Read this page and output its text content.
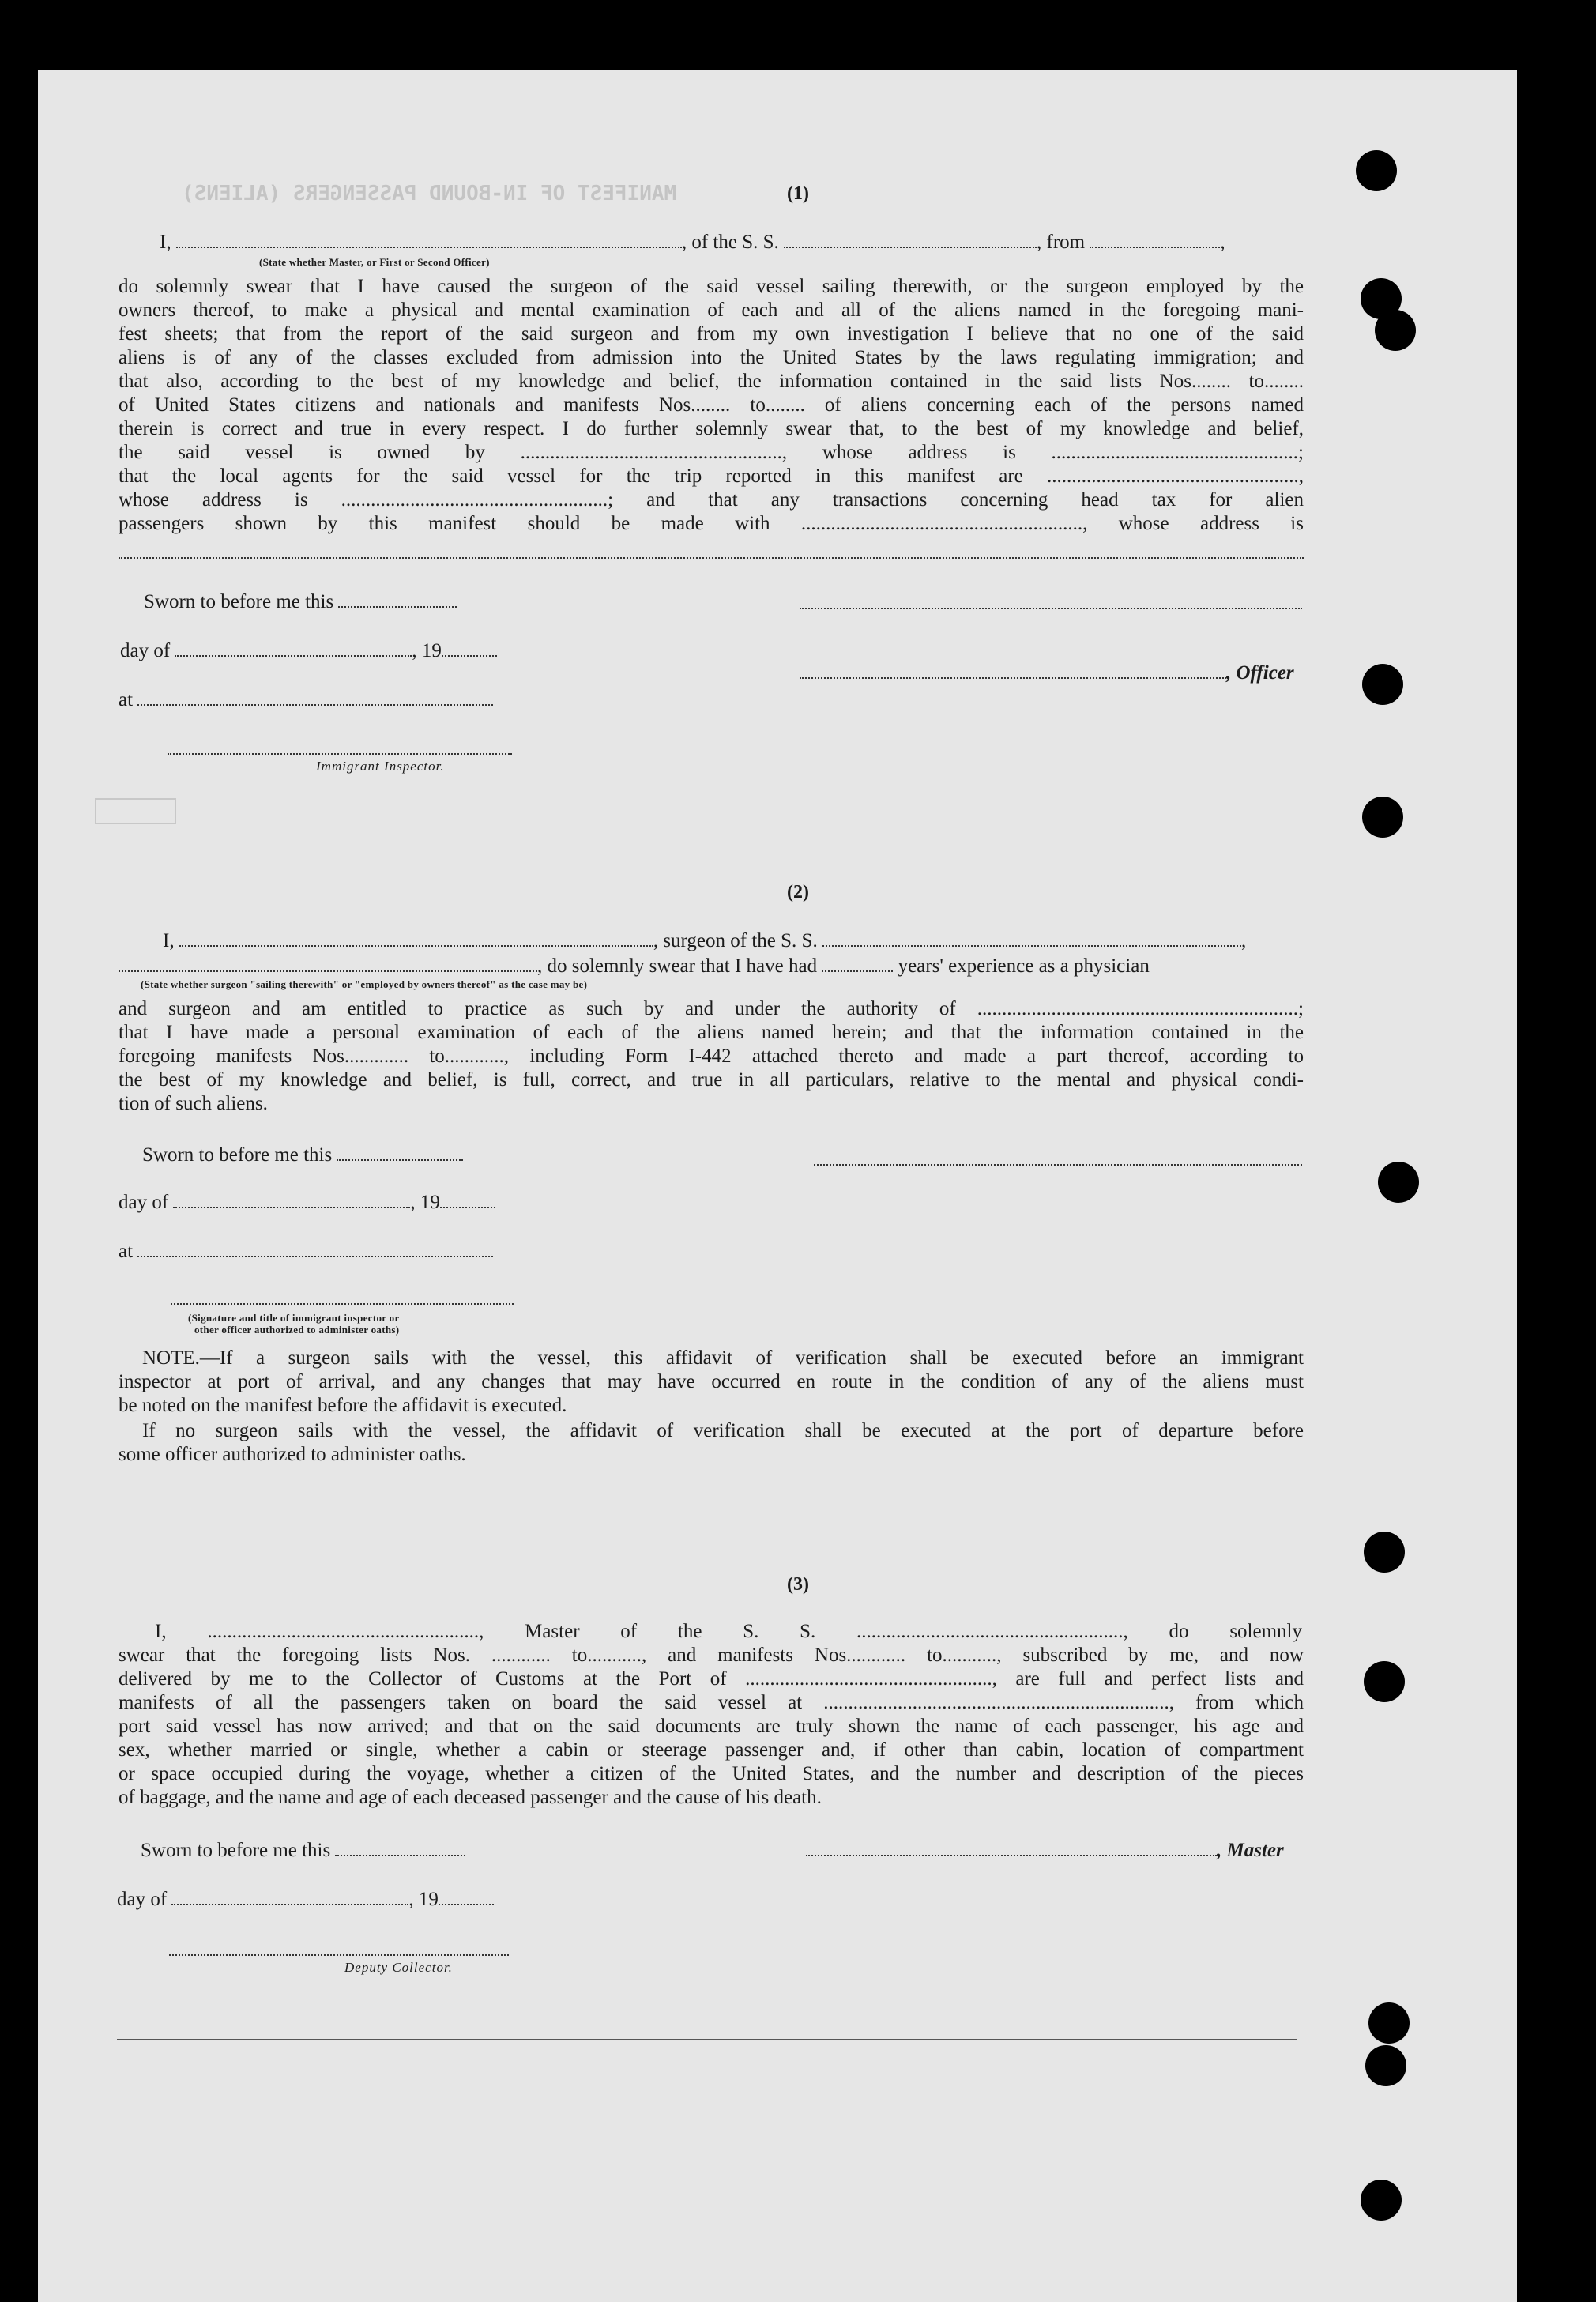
MANIFEST OF IN-BOUND PASSENGERS (ALIENS)
	(1)

I,	, of the S. S.	, from	,

(State whether Master, or First or Second Officer)

do solemnly swear that I have caused the surgeon of the said vessel sailing therewith, or the surgeon employed by the

owners thereof, to make a physical and mental examination of each and all of the aliens named in the foregoing mani-

fest sheets; that from the report of the said surgeon and from my own investigation I believe that no one of the said

aliens is of any of the classes excluded from admission into the United States by the laws regulating immigration; and

that also, according to the best of my knowledge and belief, the information contained in the said lists Nos........ to........

of United States citizens and nationals and manifests Nos........ to........ of aliens concerning each of the persons named

therein is correct and true in every respect. I do further solemnly swear that, to the best of my knowledge and belief,

the said vessel is owned by ....................................................., whose address is ..................................................;

that the local agents for the said vessel for the trip reported in this manifest are ...................................................,

whose address is ......................................................; and that any transactions concerning head tax for alien

passengers shown by this manifest should be made with ........................................................., whose address is

Sworn to before me this
day of	, 19
at
, Officer
Immigrant Inspector.
(2)

I,	, surgeon of the S. S.	,

, do solemnly swear that I have had	years' experience as a physician

(State whether surgeon "sailing therewith" or "employed by owners thereof" as the case may be)

and surgeon and am entitled to practice as such by and under the authority of .................................................................;

that I have made a personal examination of each of the aliens named herein; and that the information contained in the

foregoing manifests Nos............. to............, including Form I-442 attached thereto and made a part thereof, according to

the best of my knowledge and belief, is full, correct, and true in all particulars, relative to the mental and physical condi-

tion of such aliens.

Sworn to before me this
day of	, 19
at
(Signature and title of immigrant inspector or
other officer authorized to administer oaths)

NOTE.—If a surgeon sails with the vessel, this affidavit of verification shall be executed before an immigrant

inspector at port of arrival, and any changes that may have occurred en route in the condition of any of the aliens must

be noted on the manifest before the affidavit is executed.

If no surgeon sails with the vessel, the affidavit of verification shall be executed at the port of departure before

some officer authorized to administer oaths.

(3)

I, ......................................................., Master of the S. S. ......................................................, do solemnly

swear that the foregoing lists Nos. ............ to..........., and manifests Nos............ to..........., subscribed by me, and now

delivered by me to the Collector of Customs at the Port of .................................................., are full and perfect lists and

manifests of all the passengers taken on board the said vessel at ......................................................................, from which

port said vessel has now arrived; and that on the said documents are truly shown the name of each passenger, his age and

sex, whether married or single, whether a cabin or steerage passenger and, if other than cabin, location of compartment

or space occupied during the voyage, whether a citizen of the United States, and the number and description of the pieces

of baggage, and the name and age of each deceased passenger and the cause of his death.

Sworn to before me this	, Master
day of	, 19
Deputy Collector.
